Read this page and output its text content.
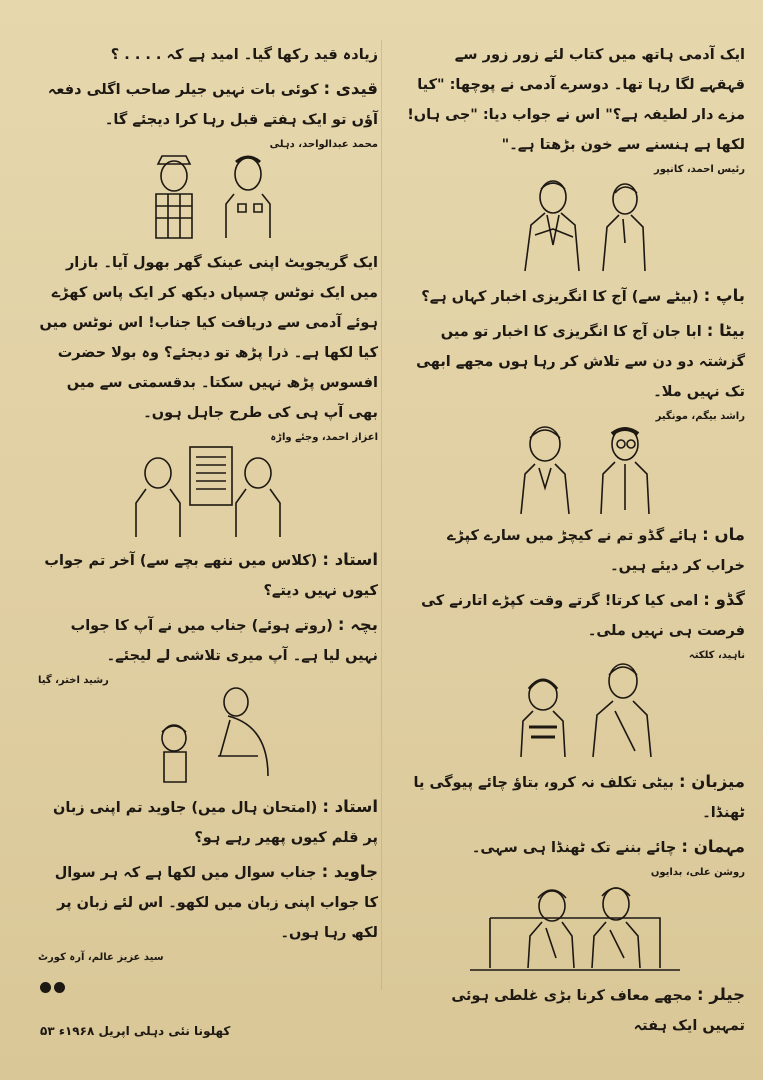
ایک آدمی ہاتھ میں کتاب لئے زور زور سے قہقہے لگا رہا تھا۔ دوسرے آدمی نے پوچھا: "کیا مزے دار لطیفہ ہے؟" اس نے جواب دیا: "جی ہاں! لکھا ہے ہنسنے سے خون بڑھتا ہے۔"

رئیس احمد، کانپور

باپ : (بیٹے سے) آج کا انگریزی اخبار کہاں ہے؟

بیٹا : ابا جان آج کا انگریزی کا اخبار تو میں گزشتہ دو دن سے تلاش کر رہا ہوں مجھے ابھی تک نہیں ملا۔

راشد بیگم، مونگیر

ماں : ہائے گڈو تم نے کیچڑ میں سارے کپڑے خراب کر دیئے ہیں۔

گڈو : امی کیا کرتا! گرتے وقت کپڑے اتارنے کی فرصت ہی نہیں ملی۔

ناہید، کلکتہ

میزبان : بیٹی تکلف نہ کرو، بتاؤ چائے پیوگی یا ٹھنڈا۔

مہمان : چائے بننے تک ٹھنڈا ہی سہی۔

روشن علی، بدایوں

جیلر : مجھے معاف کرنا بڑی غلطی ہوئی تمہیں ایک ہفتہ

زیادہ قید رکھا گیا۔ امید ہے کہ . . . . ؟

قیدی : کوئی بات نہیں جیلر صاحب اگلی دفعہ آؤں تو ایک ہفتے قبل رہا کرا دیجئے گا۔

محمد عبدالواحد، دہلی

ایک گریجویٹ اپنی عینک گھر بھول آیا۔ بازار میں ایک نوٹس چسپاں دیکھ کر ایک پاس کھڑے ہوئے آدمی سے دریافت کیا جناب! اس نوٹس میں کیا لکھا ہے۔ ذرا پڑھ تو دیجئے؟ وہ بولا حضرت افسوس پڑھ نہیں سکتا۔ بدقسمتی سے میں بھی آپ ہی کی طرح جاہل ہوں۔

اعزاز احمد، وجئے واڑہ

استاد : (کلاس میں ننھے بچے سے) آخر تم جواب کیوں نہیں دیتے؟

بچہ : (روتے ہوئے) جناب میں نے آپ کا جواب نہیں لیا ہے۔ آپ میری تلاشی لے لیجئے۔

رشید اختر، گیا

استاد : (امتحان ہال میں) جاوید تم اپنی زبان پر قلم کیوں پھیر رہے ہو؟

جاوید : جناب سوال میں لکھا ہے کہ ہر سوال کا جواب اپنی زبان میں لکھو۔ اس لئے زبان پر لکھ رہا ہوں۔

سید عزیز عالم، آرہ کورٹ
کھلونا نئی دہلی اپریل ۱۹۶۸ء ۵۳
